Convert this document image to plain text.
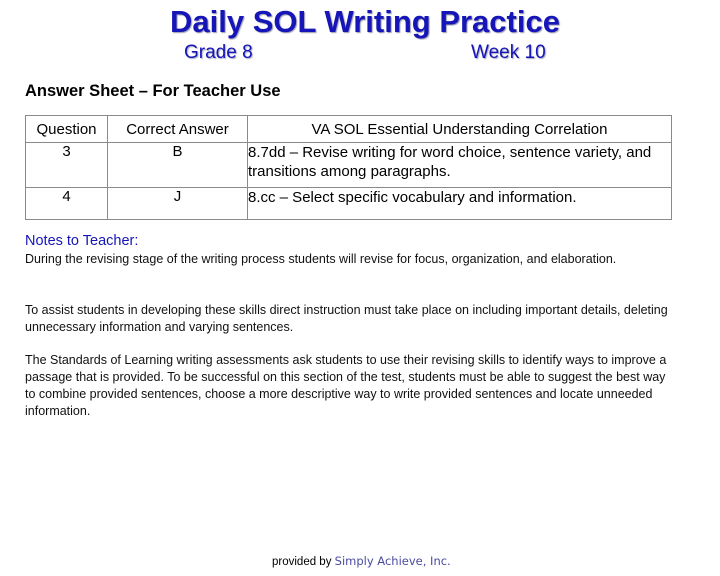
Daily SOL Writing Practice
Grade 8	Week 10
Answer Sheet – For Teacher Use
Question	Correct Answer	VA SOL Essential Understanding Correlation
3	B	8.7dd – Revise writing for word choice, sentence variety, and transitions among paragraphs.
4	J	8.cc – Select specific vocabulary and information.
Notes to Teacher:
During the revising stage of the writing process students will revise for focus, organization, and elaboration.
To assist students in developing these skills direct instruction must take place on including important details, deleting unnecessary information and varying sentences.
The Standards of Learning writing assessments ask students to use their revising skills to identify ways to improve a passage that is provided. To be successful on this section of the test, students must be able to suggest the best way to combine provided sentences, choose a more descriptive way to write provided sentences and locate unneeded information.
provided by Simply Achieve, Inc.
